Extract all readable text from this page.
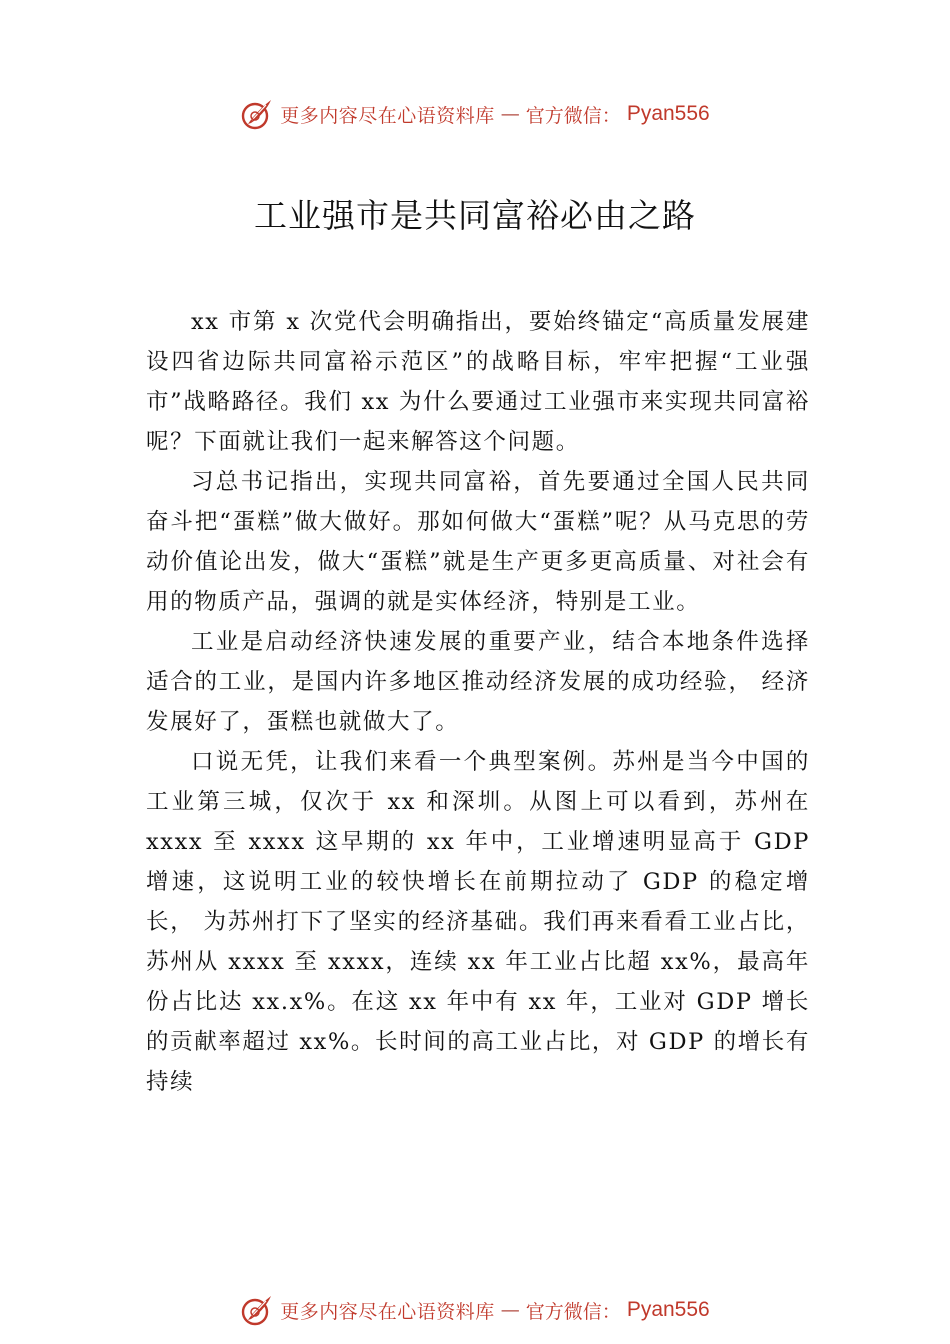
更多内容尽在心语资料库 — 官方微信： Pyan556
工业强市是共同富裕必由之路

xx 市第 x 次党代会明确指出，要始终锚定“高质量发展建设四省边际共同富裕示范区”的战略目标，牢牢把握“工业强市”战略路径。我们 xx 为什么要通过工业强市来实现共同富裕呢？下面就让我们一起来解答这个问题。

习总书记指出，实现共同富裕，首先要通过全国人民共同奋斗把“蛋糕”做大做好。那如何做大“蛋糕”呢？从马克思的劳动价值论出发，做大“蛋糕”就是生产更多更高质量、对社会有用的物质产品，强调的就是实体经济，特别是工业。

工业是启动经济快速发展的重要产业，结合本地条件选择适合的工业，是国内许多地区推动经济发展的成功经验， 经济发展好了，蛋糕也就做大了。

口说无凭，让我们来看一个典型案例。苏州是当今中国的工业第三城，仅次于 xx 和深圳。从图上可以看到，苏州在 xxxx 至 xxxx 这早期的 xx 年中，工业增速明显高于 GDP 增速，这说明工业的较快增长在前期拉动了 GDP 的稳定增长， 为苏州打下了坚实的经济基础。我们再来看看工业占比，苏州从 xxxx 至 xxxx，连续 xx 年工业占比超 xx%，最高年份占比达 xx.x%。在这 xx 年中有 xx 年，工业对 GDP 增长的贡献率超过 xx%。长时间的高工业占比，对 GDP 的增长有持续

更多内容尽在心语资料库 — 官方微信： Pyan556
